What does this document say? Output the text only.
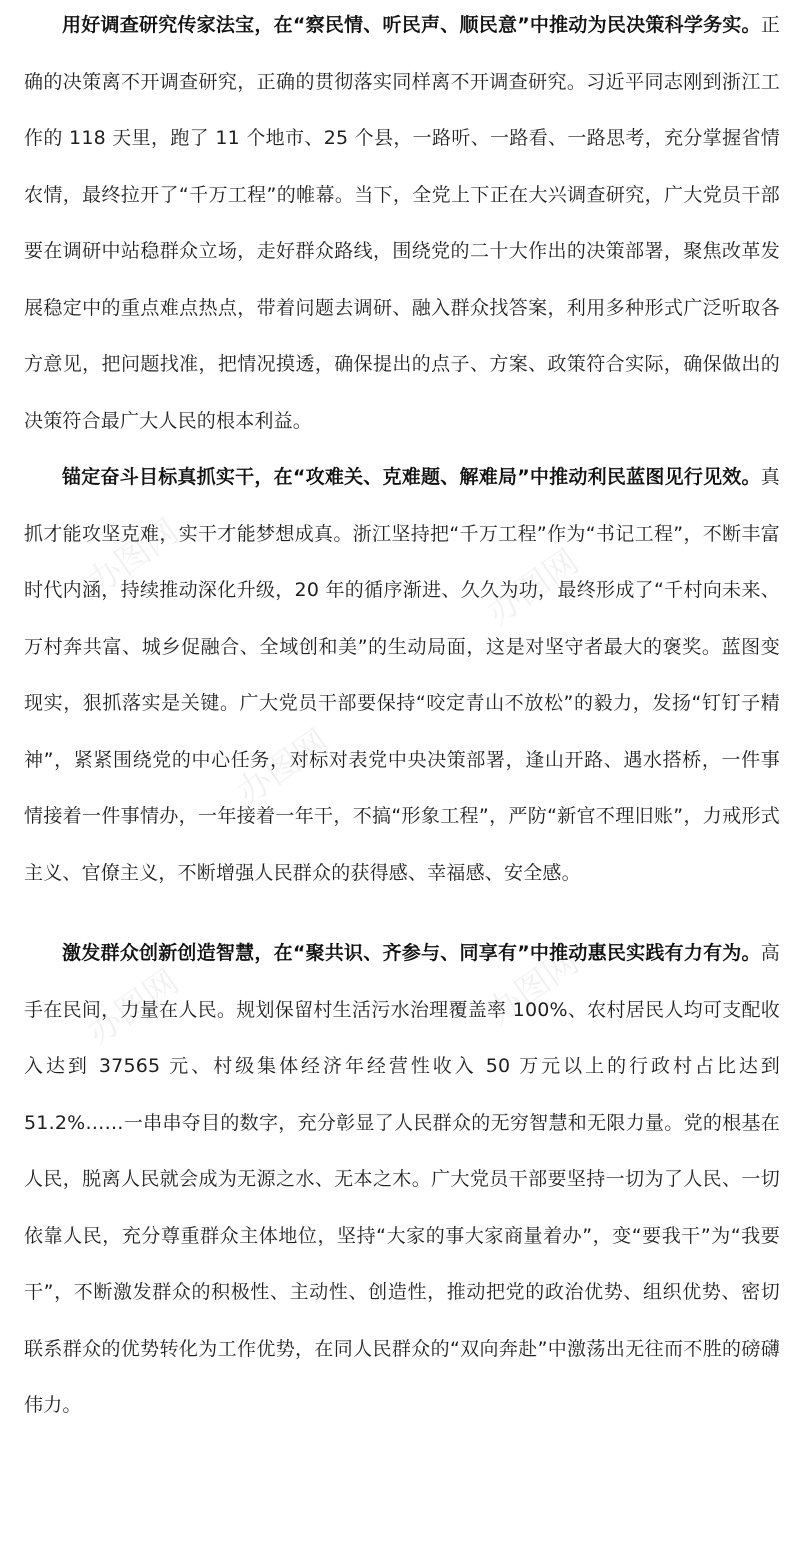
用好调查研究传家法宝，在“察民情、听民声、顺民意”中推动为民决策科学务实。正确的决策离不开调查研究，正确的贯彻落实同样离不开调查研究。习近平同志刚到浙江工作的 118 天里，跑了 11 个地市、25 个县，一路听、一路看、一路思考，充分掌握省情农情，最终拉开了“千万工程”的帷幕。当下，全党上下正在大兴调查研究，广大党员干部要在调研中站稳群众立场，走好群众路线，围绕党的二十大作出的决策部署，聚焦改革发展稳定中的重点难点热点，带着问题去调研、融入群众找答案，利用多种形式广泛听取各方意见，把问题找准，把情况摸透，确保提出的点子、方案、政策符合实际，确保做出的决策符合最广大人民的根本利益。

锚定奋斗目标真抓实干，在“攻难关、克难题、解难局”中推动利民蓝图见行见效。真抓才能攻坚克难，实干才能梦想成真。浙江坚持把“千万工程”作为“书记工程”，不断丰富时代内涵，持续推动深化升级，20 年的循序渐进、久久为功，最终形成了“千村向未来、万村奔共富、城乡促融合、全域创和美”的生动局面，这是对坚守者最大的褒奖。蓝图变现实，狠抓落实是关键。广大党员干部要保持“咬定青山不放松”的毅力，发扬“钉钉子精神”，紧紧围绕党的中心任务，对标对表党中央决策部署，逢山开路、遇水搭桥，一件事情接着一件事情办，一年接着一年干，不搞“形象工程”，严防“新官不理旧账”，力戒形式主义、官僚主义，不断增强人民群众的获得感、幸福感、安全感。

激发群众创新创造智慧，在“聚共识、齐参与、同享有”中推动惠民实践有力有为。高手在民间，力量在人民。规划保留村生活污水治理覆盖率 100%、农村居民人均可支配收入达到 37565 元、村级集体经济年经营性收入 50 万元以上的行政村占比达到 51.2%……一串串夺目的数字，充分彰显了人民群众的无穷智慧和无限力量。党的根基在人民，脱离人民就会成为无源之水、无本之木。广大党员干部要坚持一切为了人民、一切依靠人民，充分尊重群众主体地位，坚持“大家的事大家商量着办”，变“要我干”为“我要干”，不断激发群众的积极性、主动性、创造性，推动把党的政治优势、组织优势、密切联系群众的优势转化为工作优势，在同人民群众的“双向奔赴”中激荡出无往而不胜的磅礴伟力。

办图网	办图网
办图网
办图网
办图网
